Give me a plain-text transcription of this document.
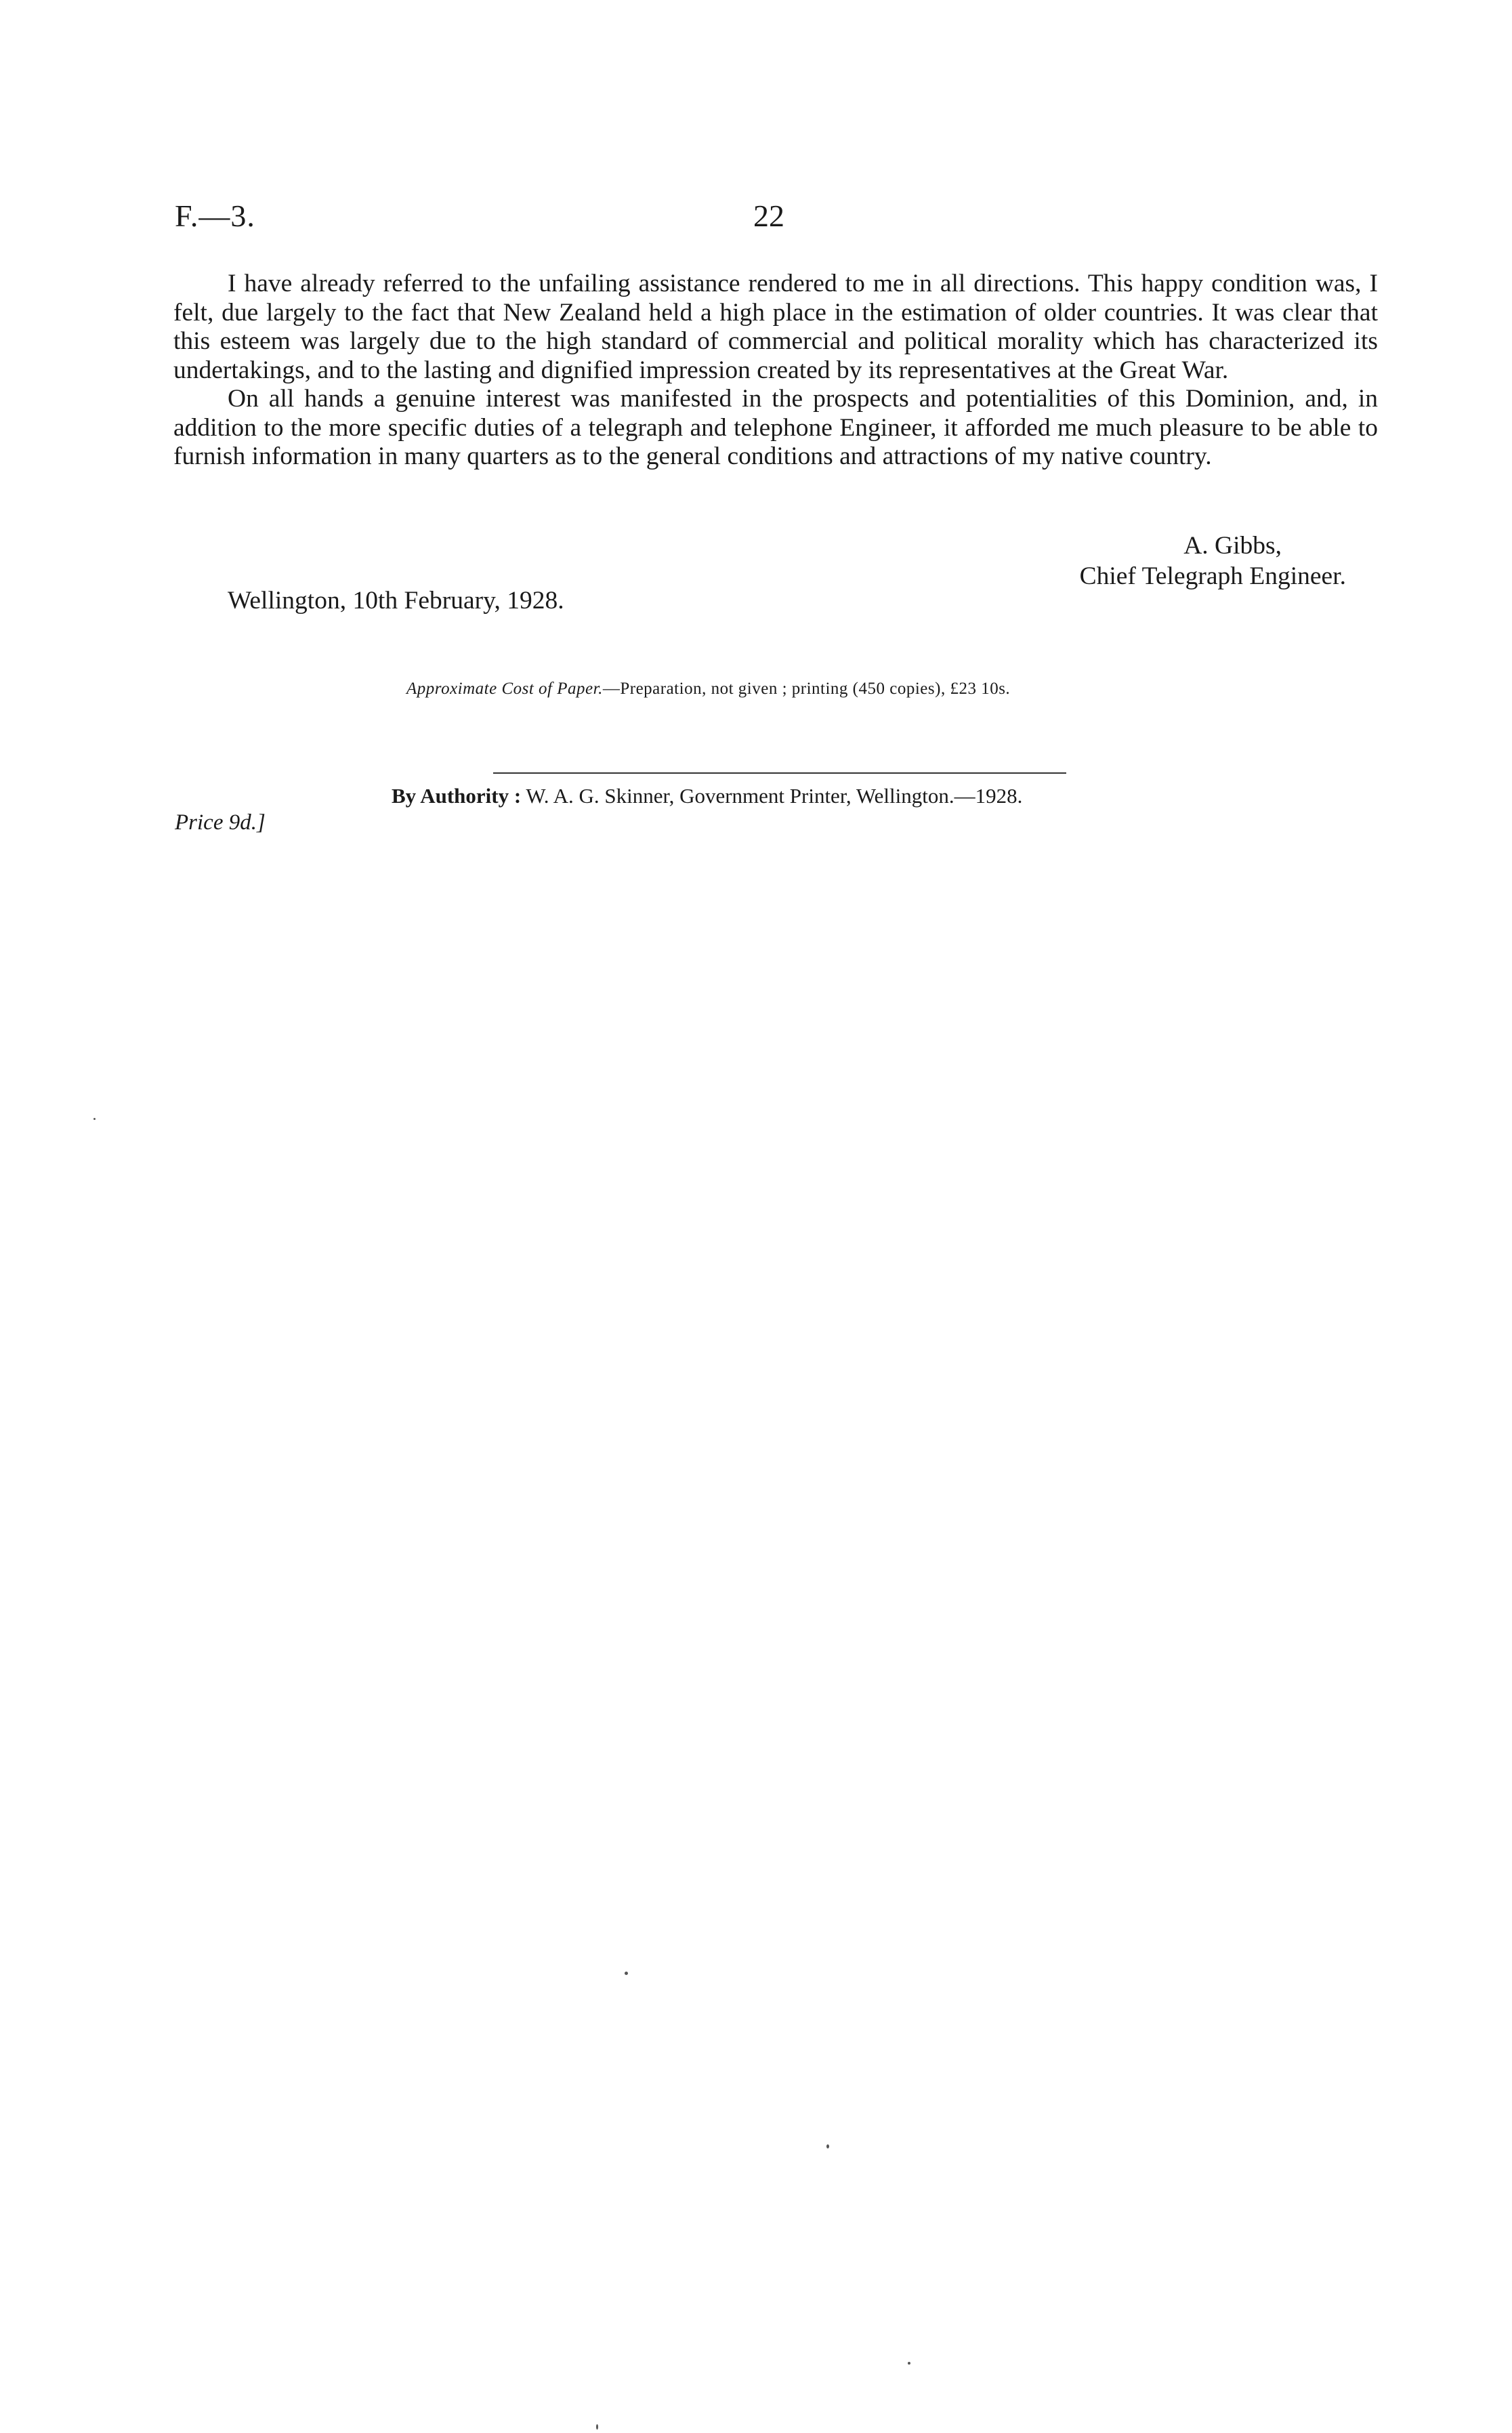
F.—3.	22

I have already referred to the unfailing assistance rendered to me in all directions. This happy condition was, I felt, due largely to the fact that New Zealand held a high place in the estimation of older countries. It was clear that this esteem was largely due to the high standard of commercial and political morality which has characterized its undertakings, and to the lasting and dignified impression created by its representatives at the Great War.

On all hands a genuine interest was manifested in the prospects and potentialities of this Dominion, and, in addition to the more specific duties of a telegraph and telephone Engineer, it afforded me much pleasure to be able to furnish information in many quarters as to the general conditions and attractions of my native country.

A. Gibbs,
Chief Telegraph Engineer.
Wellington, 10th February, 1928.
Approximate Cost of Paper.—Preparation, not given ; printing (450 copies), £23 10s.
By Authority : W. A. G. Skinner, Government Printer, Wellington.—1928.
Price 9d.]
